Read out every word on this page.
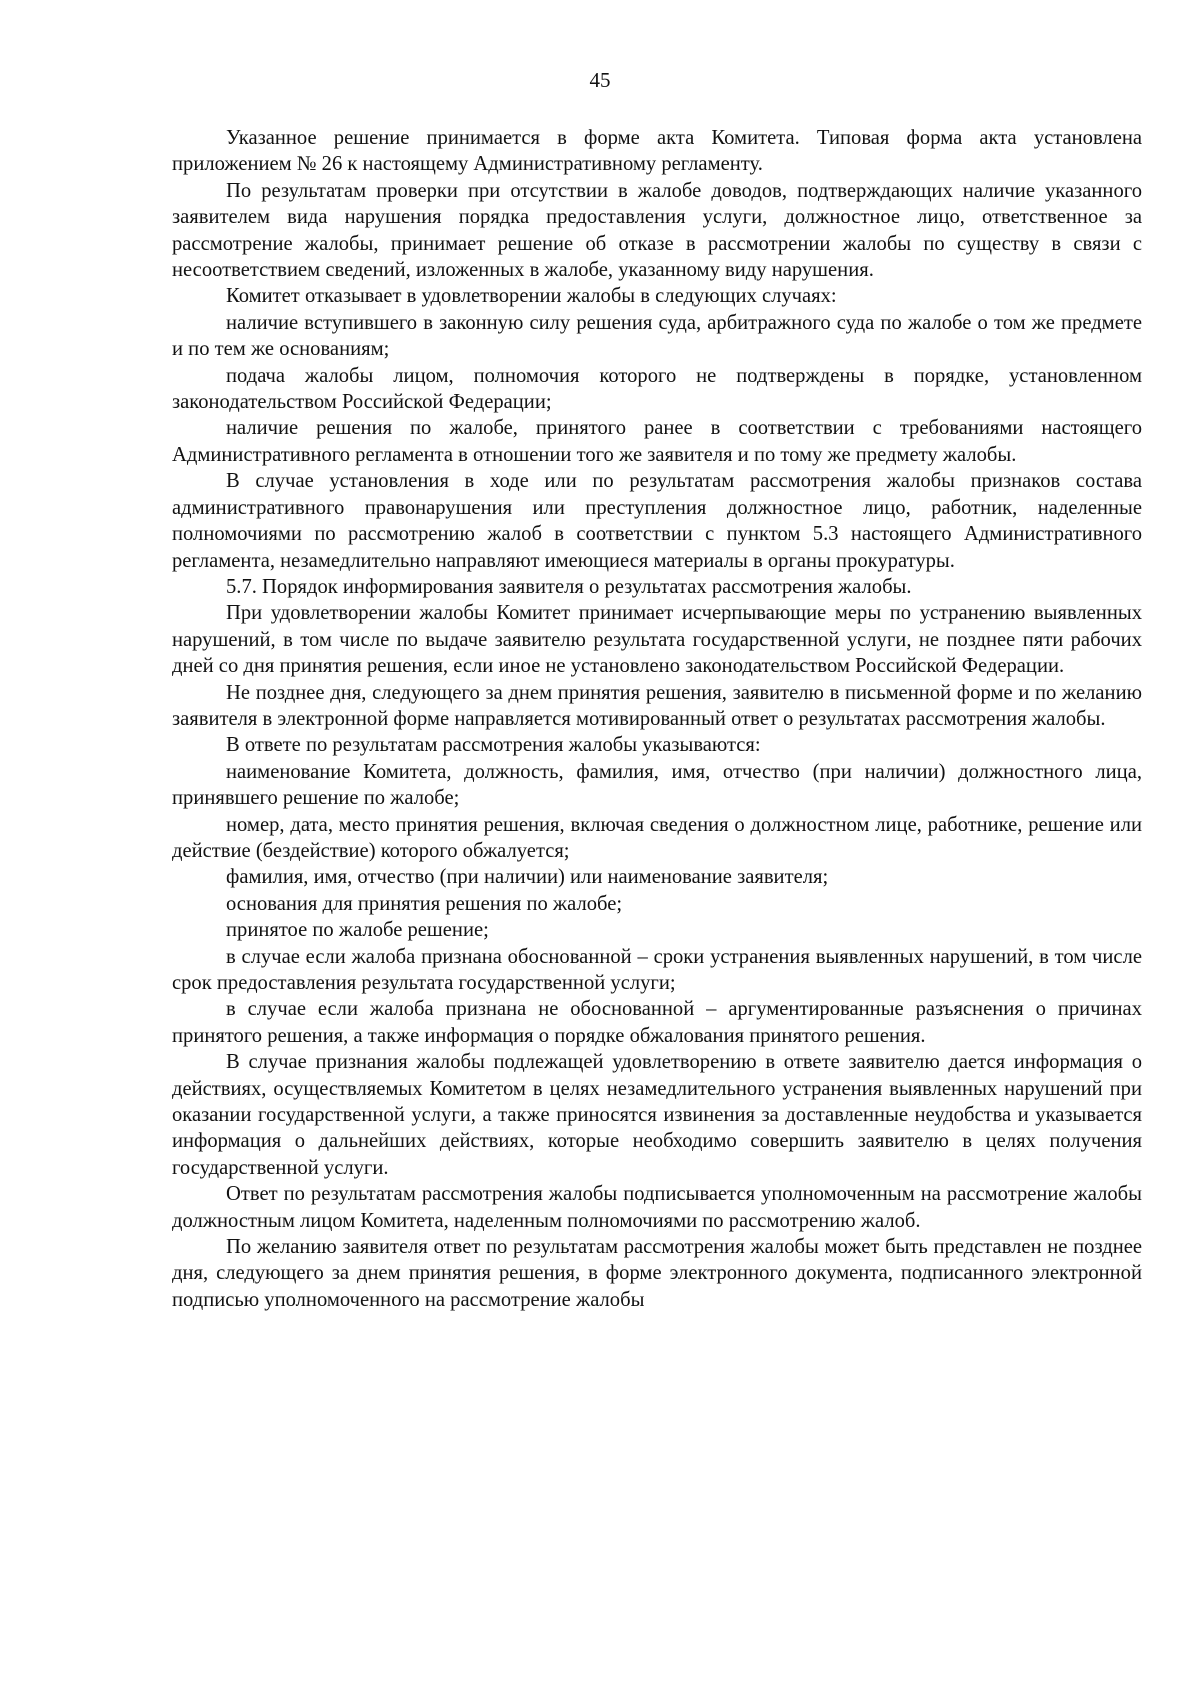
45

Указанное решение принимается в форме акта Комитета. Типовая форма акта установлена приложением № 26 к настоящему Административному регламенту.

По результатам проверки при отсутствии в жалобе доводов, подтверждающих наличие указанного заявителем вида нарушения порядка предоставления услуги, должностное лицо, ответственное за рассмотрение жалобы, принимает решение об отказе в рассмотрении жалобы по существу в связи с несоответствием сведений, изложенных в жалобе, указанному виду нарушения.

Комитет отказывает в удовлетворении жалобы в следующих случаях:

наличие вступившего в законную силу решения суда, арбитражного суда по жалобе о том же предмете и по тем же основаниям;

подача жалобы лицом, полномочия которого не подтверждены в порядке, установленном законодательством Российской Федерации;

наличие решения по жалобе, принятого ранее в соответствии с требованиями настоящего Административного регламента в отношении того же заявителя и по тому же предмету жалобы.

В случае установления в ходе или по результатам рассмотрения жалобы признаков состава административного правонарушения или преступления должностное лицо, работник, наделенные полномочиями по рассмотрению жалоб в соответствии с пунктом 5.3 настоящего Административного регламента, незамедлительно направляют имеющиеся материалы в органы прокуратуры.

5.7. Порядок информирования заявителя о результатах рассмотрения жалобы.

При удовлетворении жалобы Комитет принимает исчерпывающие меры по устранению выявленных нарушений, в том числе по выдаче заявителю результата государственной услуги, не позднее пяти рабочих дней со дня принятия решения, если иное не установлено законодательством Российской Федерации.

Не позднее дня, следующего за днем принятия решения, заявителю в письменной форме и по желанию заявителя в электронной форме направляется мотивированный ответ о результатах рассмотрения жалобы.

В ответе по результатам рассмотрения жалобы указываются:

наименование Комитета, должность, фамилия, имя, отчество (при наличии) должностного лица, принявшего решение по жалобе;

номер, дата, место принятия решения, включая сведения о должностном лице, работнике, решение или действие (бездействие) которого обжалуется;

фамилия, имя, отчество (при наличии) или наименование заявителя;

основания для принятия решения по жалобе;

принятое по жалобе решение;

в случае если жалоба признана обоснованной – сроки устранения выявленных нарушений, в том числе срок предоставления результата государственной услуги;

в случае если жалоба признана не обоснованной – аргументированные разъяснения о причинах принятого решения, а также информация о порядке обжалования принятого решения.

В случае признания жалобы подлежащей удовлетворению в ответе заявителю дается информация о действиях, осуществляемых Комитетом в целях незамедлительного устранения выявленных нарушений при оказании государственной услуги, а также приносятся извинения за доставленные неудобства и указывается информация о дальнейших действиях, которые необходимо совершить заявителю в целях получения государственной услуги.

Ответ по результатам рассмотрения жалобы подписывается уполномоченным на рассмотрение жалобы должностным лицом Комитета, наделенным полномочиями по рассмотрению жалоб.

По желанию заявителя ответ по результатам рассмотрения жалобы может быть представлен не позднее дня, следующего за днем принятия решения, в форме электронного документа, подписанного электронной подписью уполномоченного на рассмотрение жалобы
